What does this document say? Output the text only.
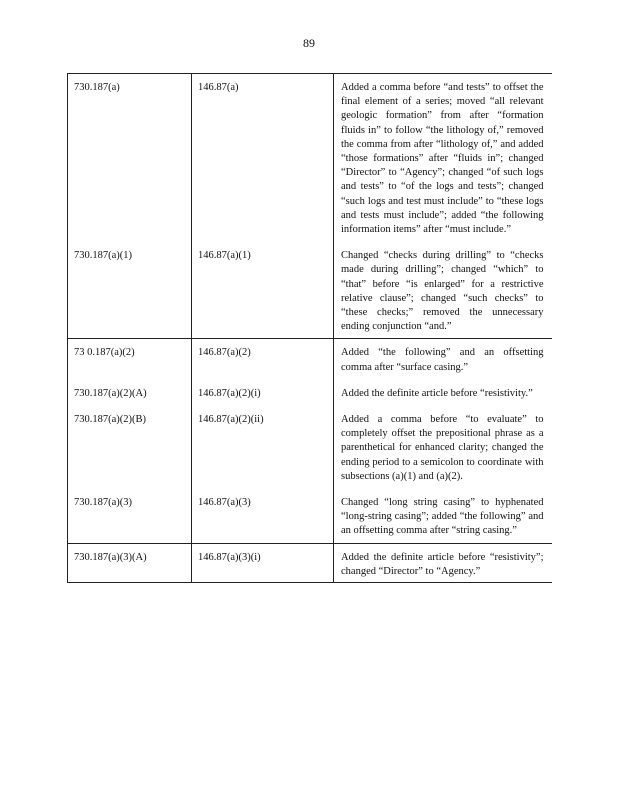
89
730.187(a)	146.87(a)	Added a comma before “and tests” to offset the final element of a series; moved “all relevant geologic formation” from after “formation fluids in” to follow “the lithology of,” removed the comma from after “lithology of,” and added “those formations” after “fluids in”; changed “Director” to “Agency”; changed “of such logs and tests” to “of the logs and tests”; changed “such logs and test must include” to “these logs and tests must include”; added “the following information items” after “must include.”

730.187(a)(1)	146.87(a)(1)	Changed “checks during drilling” to “checks made during drilling”; changed “which” to “that” before “is enlarged” for a restrictive relative clause”; changed “such checks” to “these checks;” removed the unnecessary ending conjunction “and.”

73 0.187(a)(2)	146.87(a)(2)	Added “the following” and an offsetting comma after “surface casing.”

730.187(a)(2)(A)	146.87(a)(2)(i)	Added the definite article before “resistivity.”

730.187(a)(2)(B)	146.87(a)(2)(ii)	Added a comma before “to evaluate” to completely offset the prepositional phrase as a parenthetical for enhanced clarity; changed the ending period to a semicolon to coordinate with subsections (a)(1) and (a)(2).

730.187(a)(3)	146.87(a)(3)	Changed “long string casing” to hyphenated “long-string casing”; added “the following” and an offsetting comma after “string casing.”

730.187(a)(3)(A)	146.87(a)(3)(i)	Added the definite article before “resistivity”; changed “Director” to “Agency.”
